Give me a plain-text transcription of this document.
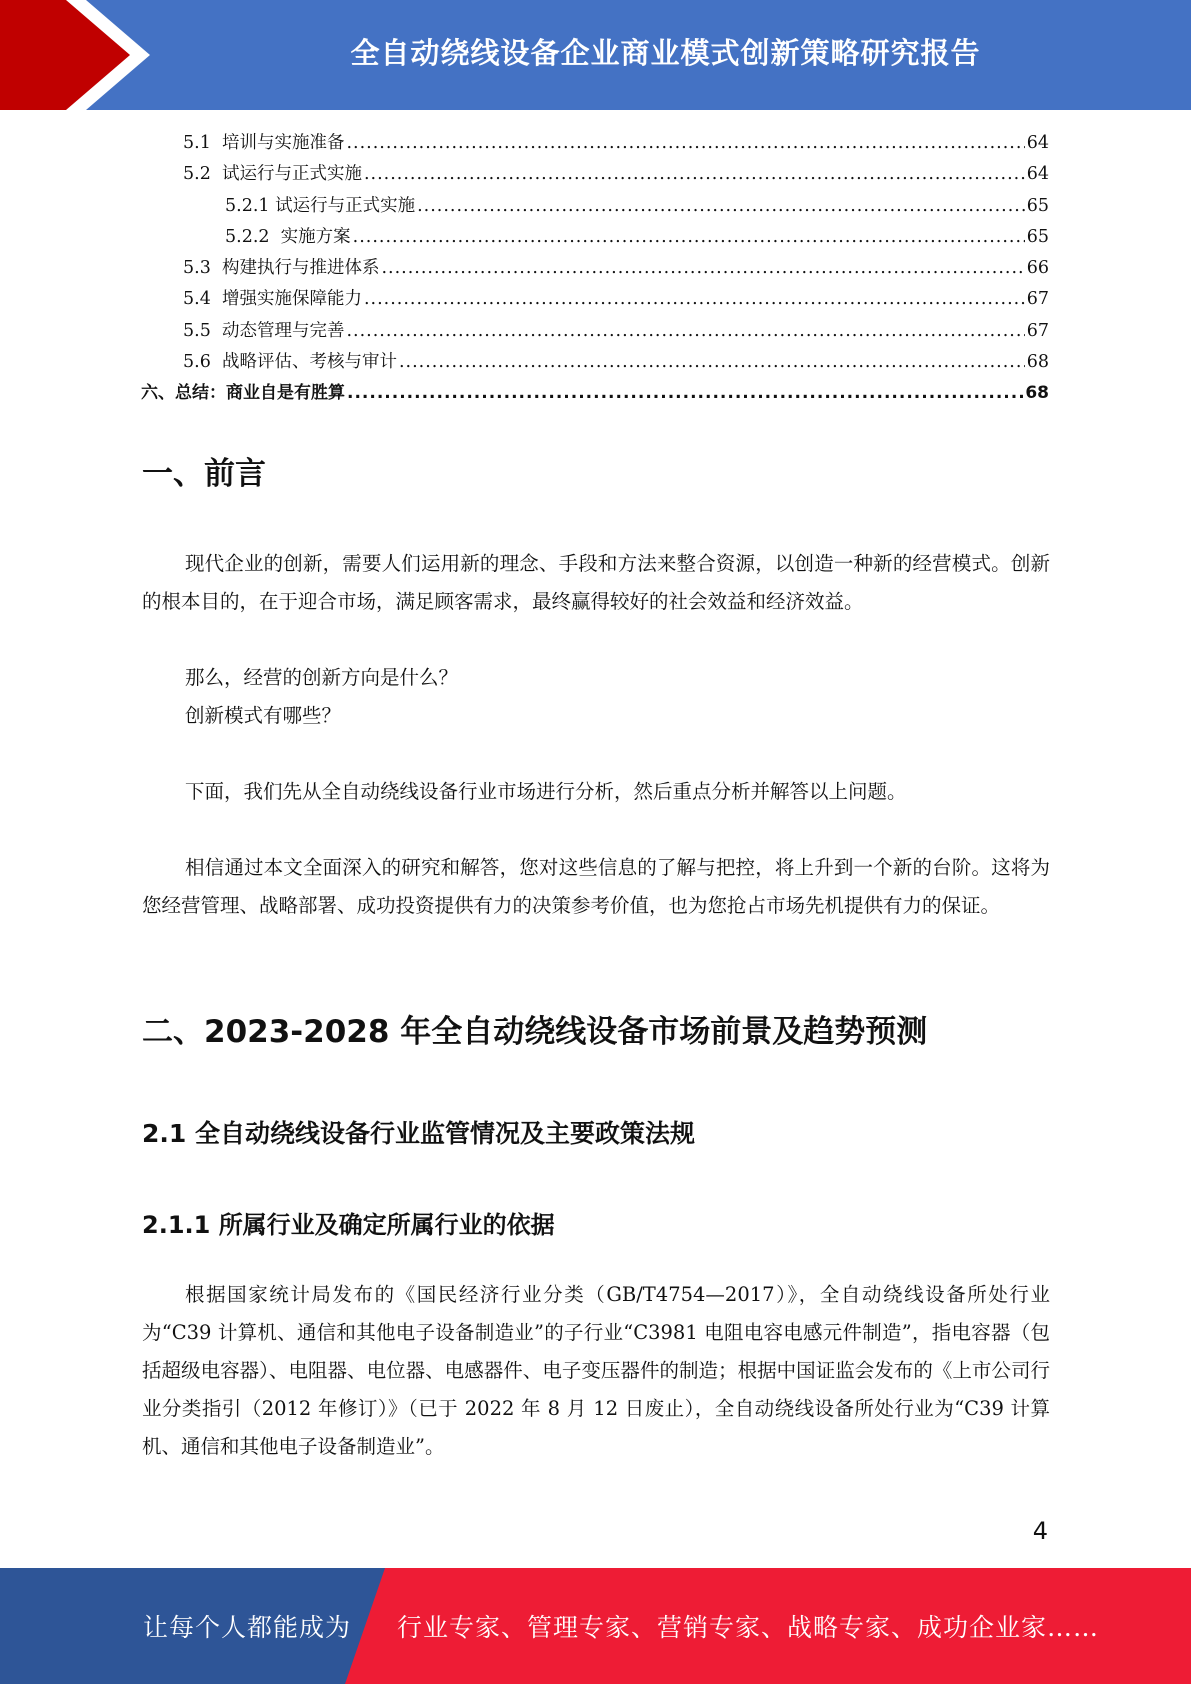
全自动绕线设备企业商业模式创新策略研究报告
5.1  培训与实施准备 .....	64
5.2  试运行与正式实施 .....	64
5.2.1 试运行与正式实施 .....	65
5.2.2  实施方案 .....	65
5.3  构建执行与推进体系 .....	66
5.4  增强实施保障能力 .....	67
5.5  动态管理与完善 .....	67
5.6  战略评估、考核与审计 .....	68
六、总结：商业自是有胜算 .....	68
一、前言

现代企业的创新，需要人们运用新的理念、手段和方法来整合资源，以创造一种新的经营模式。创新的根本目的，在于迎合市场，满足顾客需求，最终赢得较好的社会效益和经济效益。

那么，经营的创新方向是什么？

创新模式有哪些？

下面，我们先从全自动绕线设备行业市场进行分析，然后重点分析并解答以上问题。

相信通过本文全面深入的研究和解答，您对这些信息的了解与把控，将上升到一个新的台阶。这将为您经营管理、战略部署、成功投资提供有力的决策参考价值，也为您抢占市场先机提供有力的保证。

二、2023-2028 年全自动绕线设备市场前景及趋势预测
2.1 全自动绕线设备行业监管情况及主要政策法规
2.1.1 所属行业及确定所属行业的依据

根据国家统计局发布的《国民经济行业分类（GB/T4754—2017）》，全自动绕线设备所处行业为“C39 计算机、通信和其他电子设备制造业”的子行业“C3981 电阻电容电感元件制造”，指电容器（包括超级电容器）、电阻器、电位器、电感器件、电子变压器件的制造；根据中国证监会发布的《上市公司行业分类指引（2012 年修订）》（已于 2022 年 8 月 12 日废止），全自动绕线设备所处行业为“C39 计算机、通信和其他电子设备制造业”。

4
让每个人都能成为 行业专家、管理专家、营销专家、战略专家、成功企业家……
